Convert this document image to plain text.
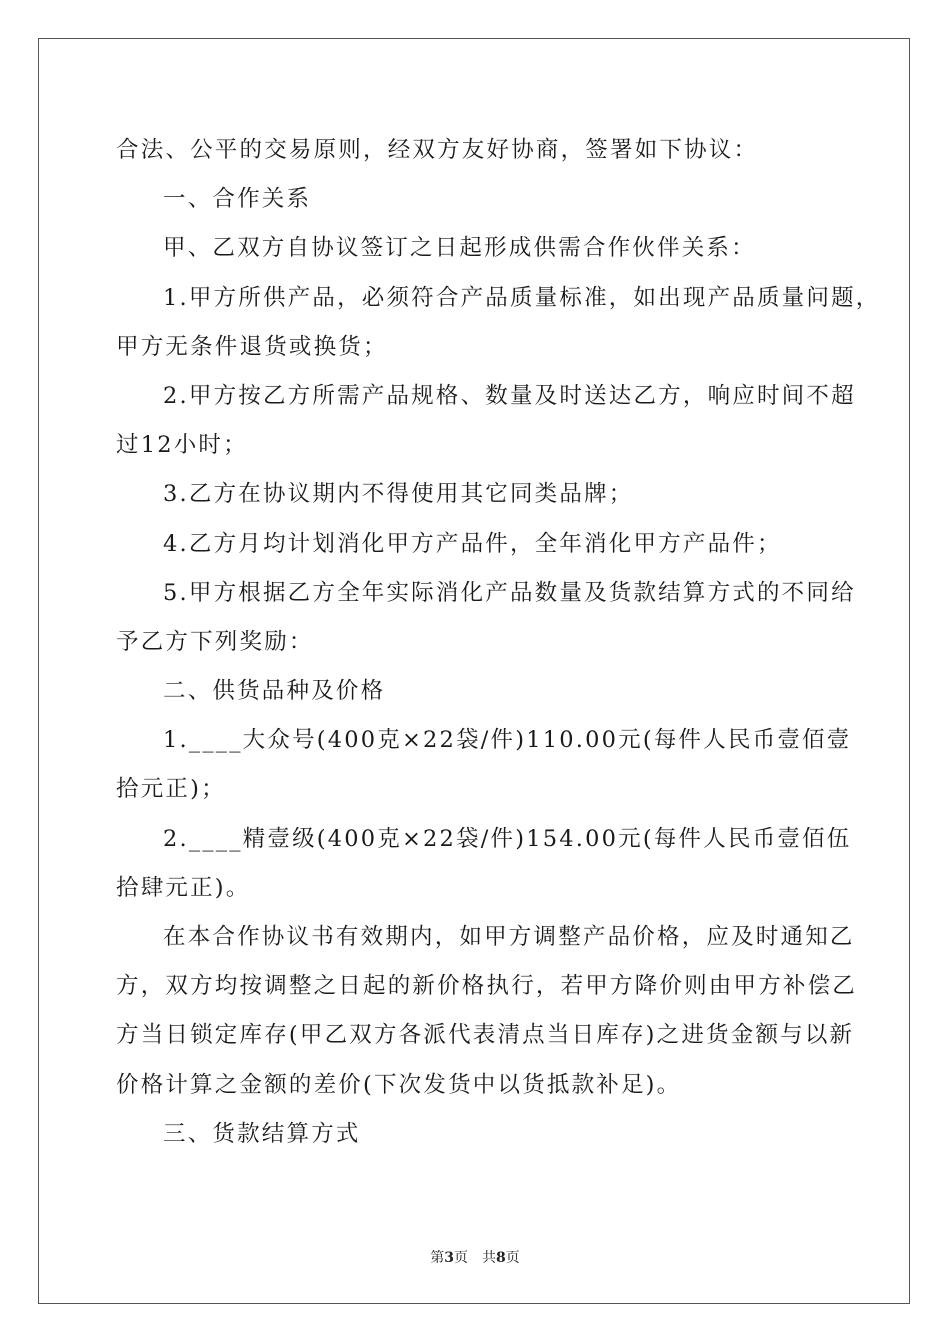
合法、公平的交易原则，经双方友好协商，签署如下协议：
一、合作关系
甲、乙双方自协议签订之日起形成供需合作伙伴关系：
1.甲方所供产品，必须符合产品质量标准，如出现产品质量问题，
甲方无条件退货或换货；
2.甲方按乙方所需产品规格、数量及时送达乙方，响应时间不超
过12小时；
3.乙方在协议期内不得使用其它同类品牌；
4.乙方月均计划消化甲方产品件，全年消化甲方产品件；
5.甲方根据乙方全年实际消化产品数量及货款结算方式的不同给
予乙方下列奖励：
二、供货品种及价格
1.____大众号(400克×22袋/件)110.00元(每件人民币壹佰壹
拾元正)；
2.____精壹级(400克×22袋/件)154.00元(每件人民币壹佰伍
拾肆元正)。
在本合作协议书有效期内，如甲方调整产品价格，应及时通知乙
方，双方均按调整之日起的新价格执行，若甲方降价则由甲方补偿乙
方当日锁定库存(甲乙双方各派代表清点当日库存)之进货金额与以新
价格计算之金额的差价(下次发货中以货抵款补足)。
三、货款结算方式
第3页 共8页
